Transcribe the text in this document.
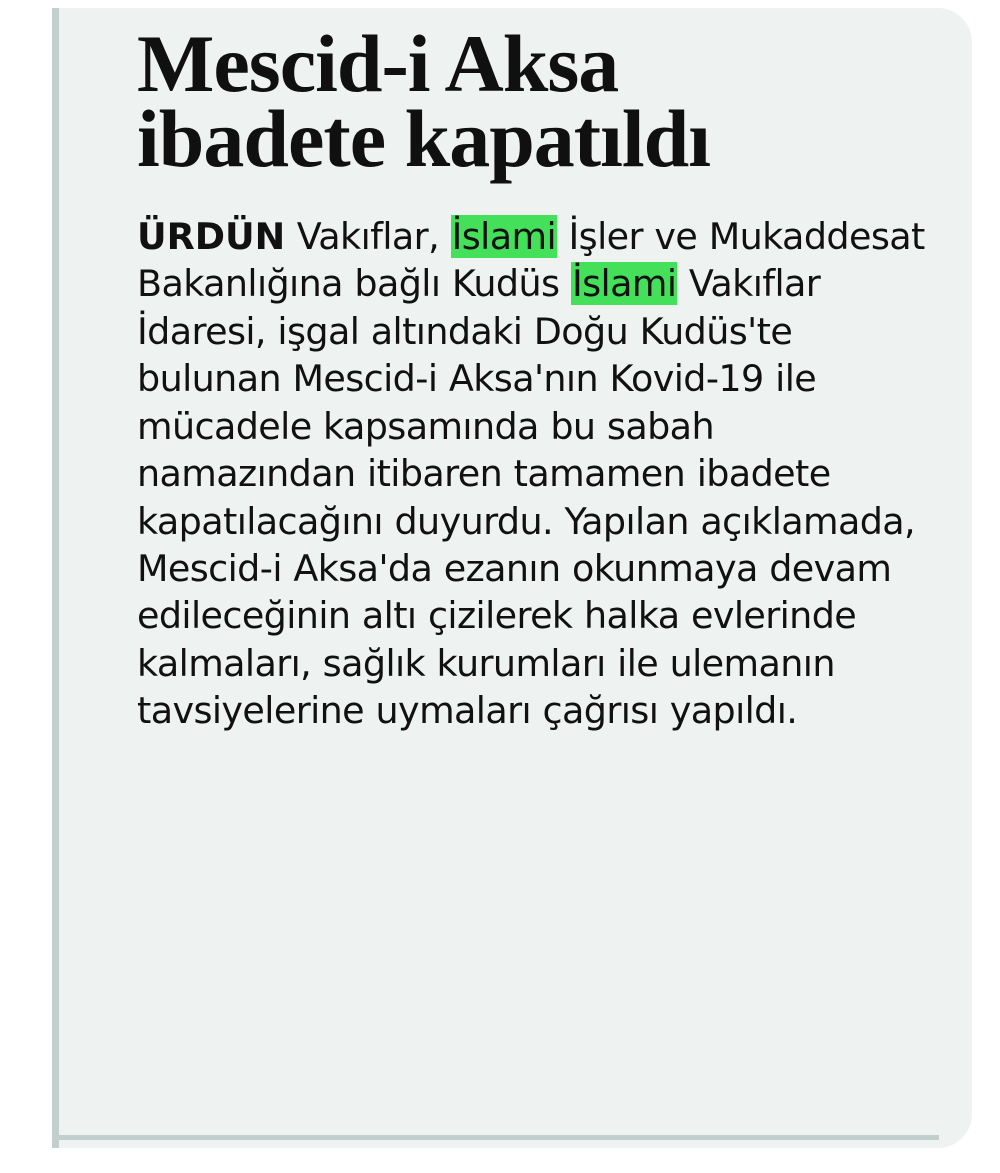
Mescid-i Aksa
ibadete kapatıldı

ÜRDÜN Vakıflar, İslami İşler ve Mukaddesat Bakanlığına bağlı Kudüs İslami Vakıflar İdaresi, işgal altındaki Doğu Kudüs'te bulunan Mescid-i Aksa'nın Kovid-19 ile mücadele kapsamında bu sabah namazından itibaren tamamen ibadete kapatılacağını duyurdu. Yapılan açıklamada, Mescid-i Aksa'da ezanın okunmaya devam edileceğinin altı çizilerek halka evlerinde kalmaları, sağlık kurumları ile ulemanın tavsiyelerine uymaları çağrısı yapıldı.
